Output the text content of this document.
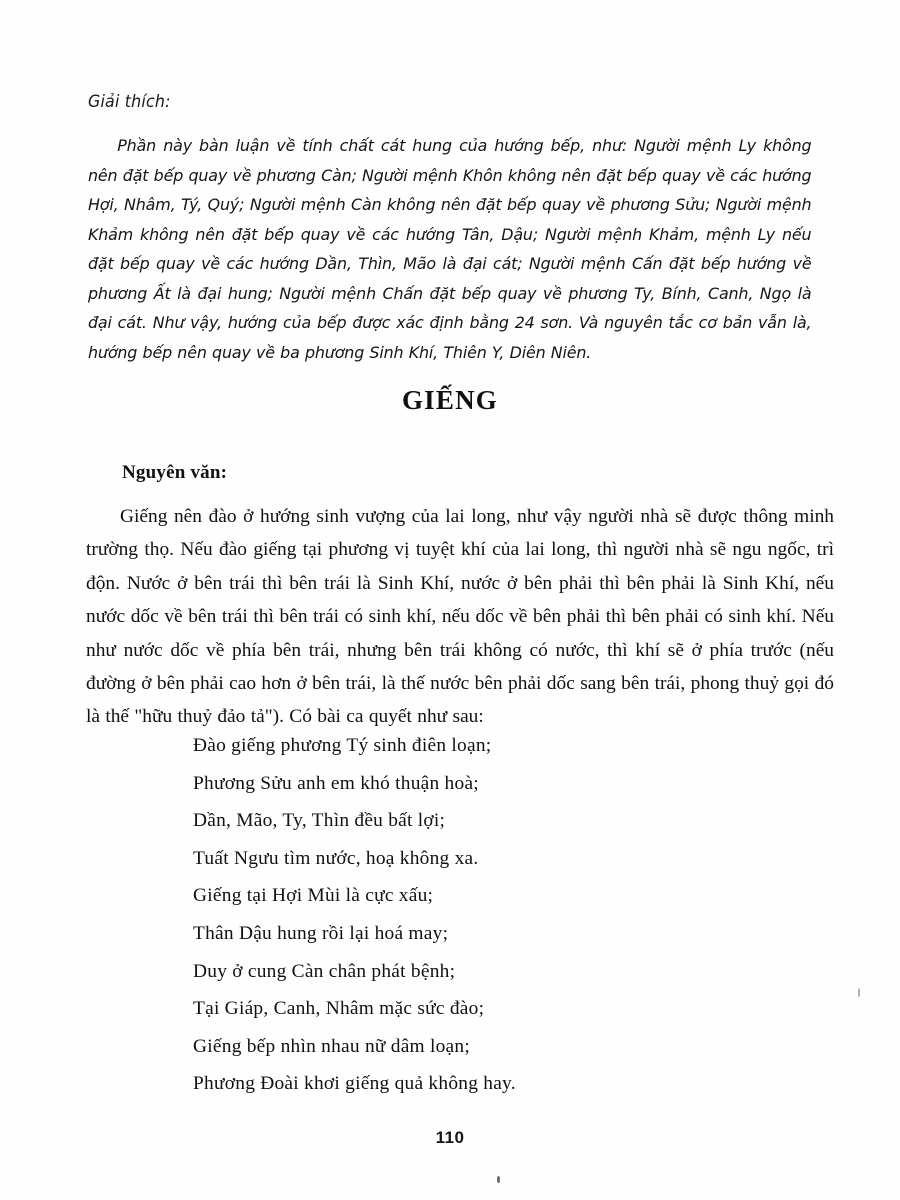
Giải thích:

Phần này bàn luận về tính chất cát hung của hướng bếp, như: Người mệnh Ly không nên đặt bếp quay về phương Càn; Người mệnh Khôn không nên đặt bếp quay về các hướng Hợi, Nhâm, Tý, Quý; Người mệnh Càn không nên đặt bếp quay về phương Sửu; Người mệnh Khảm không nên đặt bếp quay về các hướng Tân, Dậu; Người mệnh Khảm, mệnh Ly nếu đặt bếp quay về các hướng Dần, Thìn, Mão là đại cát; Người mệnh Cấn đặt bếp hướng về phương Ất là đại hung; Người mệnh Chấn đặt bếp quay về phương Ty, Bính, Canh, Ngọ là đại cát. Như vậy, hướng của bếp được xác định bằng 24 sơn. Và nguyên tắc cơ bản vẫn là, hướng bếp nên quay về ba phương Sinh Khí, Thiên Y, Diên Niên.

GIẾNG
Nguyên văn:

Giếng nên đào ở hướng sinh vượng của lai long, như vậy người nhà sẽ được thông minh trường thọ. Nếu đào giếng tại phương vị tuyệt khí của lai long, thì người nhà sẽ ngu ngốc, trì độn. Nước ở bên trái thì bên trái là Sinh Khí, nước ở bên phải thì bên phải là Sinh Khí, nếu nước dốc về bên trái thì bên trái có sinh khí, nếu dốc về bên phải thì bên phải có sinh khí. Nếu như nước dốc về phía bên trái, nhưng bên trái không có nước, thì khí sẽ ở phía trước (nếu đường ở bên phải cao hơn ở bên trái, là thế nước bên phải dốc sang bên trái, phong thuỷ gọi đó là thế "hữu thuỷ đảo tả"). Có bài ca quyết như sau:

Đào giếng phương Tý sinh điên loạn;
Phương Sửu anh em khó thuận hoà;
Dần, Mão, Ty, Thìn đều bất lợi;
Tuất Ngưu tìm nước, hoạ không xa.
Giếng tại Hợi Mùi là cực xấu;
Thân Dậu hung rồi lại hoá may;
Duy ở cung Càn chân phát bệnh;
Tại Giáp, Canh, Nhâm mặc sức đào;
Giếng bếp nhìn nhau nữ dâm loạn;
Phương Đoài khơi giếng quả không hay.
110
